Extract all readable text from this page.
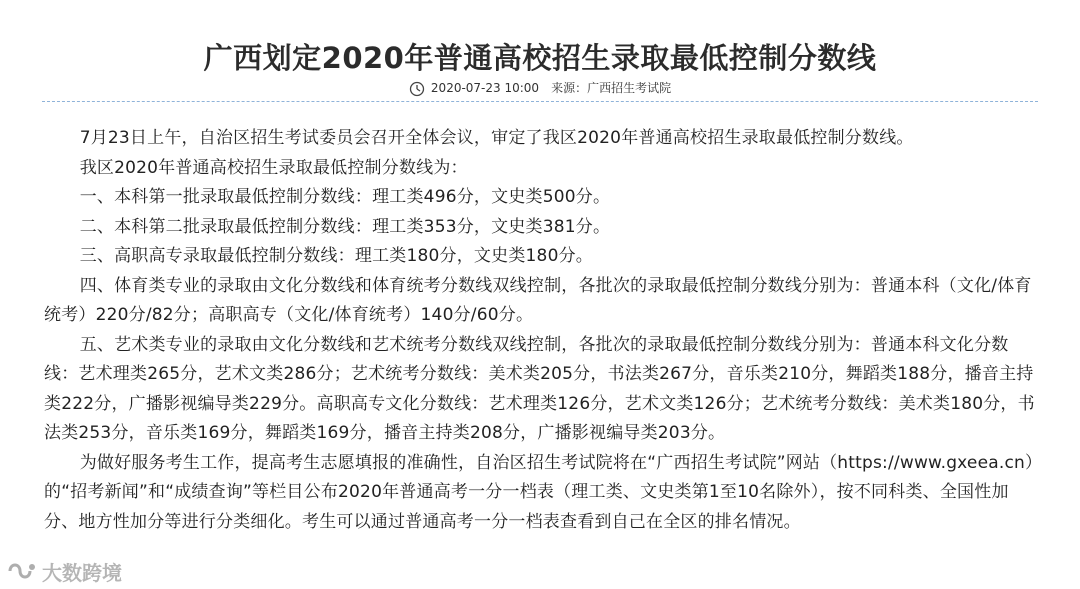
广西划定2020年普通高校招生录取最低控制分数线
2020-07-23 10:00 来源：广西招生考试院

7月23日上午，自治区招生考试委员会召开全体会议，审定了我区2020年普通高校招生录取最低控制分数线。

我区2020年普通高校招生录取最低控制分数线为：

一、本科第一批录取最低控制分数线：理工类496分，文史类500分。

二、本科第二批录取最低控制分数线：理工类353分，文史类381分。

三、高职高专录取最低控制分数线：理工类180分，文史类180分。

四、体育类专业的录取由文化分数线和体育统考分数线双线控制，各批次的录取最低控制分数线分别为：普通本科（文化/体育统考）220分/82分；高职高专（文化/体育统考）140分/60分。

五、艺术类专业的录取由文化分数线和艺术统考分数线双线控制，各批次的录取最低控制分数线分别为：普通本科文化分数线：艺术理类265分，艺术文类286分；艺术统考分数线：美术类205分，书法类267分，音乐类210分，舞蹈类188分，播音主持类222分，广播影视编导类229分。高职高专文化分数线：艺术理类126分，艺术文类126分；艺术统考分数线：美术类180分，书法类253分，音乐类169分，舞蹈类169分，播音主持类208分，广播影视编导类203分。

为做好服务考生工作，提高考生志愿填报的准确性，自治区招生考试院将在“广西招生考试院”网站（https://www.gxeea.cn）的“招考新闻”和“成绩查询”等栏目公布2020年普通高考一分一档表（理工类、文史类第1至10名除外），按不同科类、全国性加分、地方性加分等进行分类细化。考生可以通过普通高考一分一档表查看到自己在全区的排名情况。

大数跨境
